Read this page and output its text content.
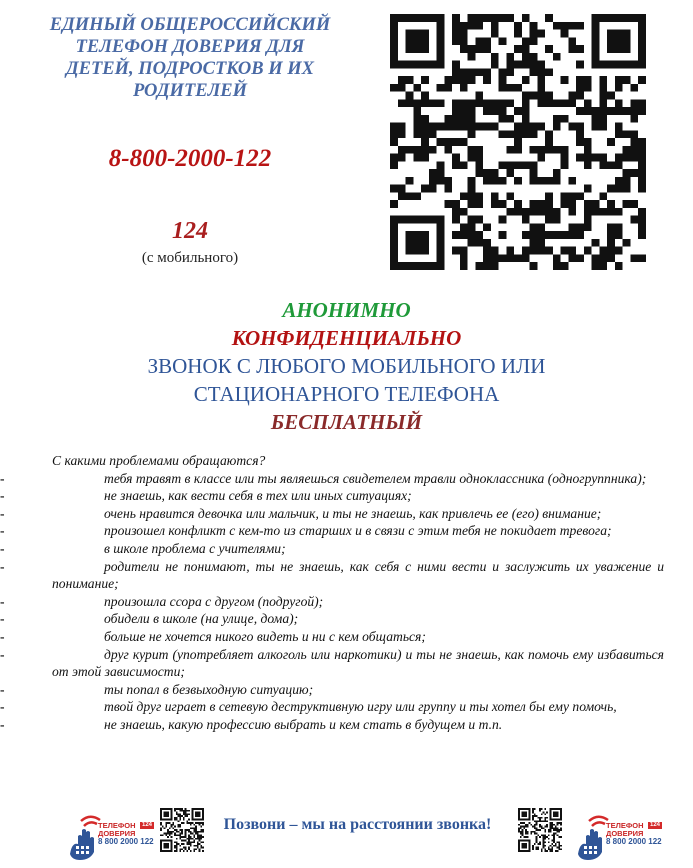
ЕДИНЫЙ ОБЩЕРОССИЙСКИЙ
ТЕЛЕФОН ДОВЕРИЯ ДЛЯ
ДЕТЕЙ, ПОДРОСТКОВ И ИХ
РОДИТЕЛЕЙ
8-800-2000-122
124
(с мобильного)
АНОНИМНО
КОНФИДЕНЦИАЛЬНО
ЗВОНОК С ЛЮБОГО МОБИЛЬНОГО ИЛИ
СТАЦИОНАРНОГО ТЕЛЕФОНА
БЕСПЛАТНЫЙ

С какими проблемами обращаются?

-	тебя травят в классе или ты являешься свидетелем травли одноклассника (одногруппника);
-	не знаешь, как вести себя в тех или иных ситуациях;
-	очень нравится девочка или мальчик, и ты не знаешь, как привлечь ее (его) внимание;
-	произошел конфликт с кем-то из старших и в связи с этим тебя не покидает тревога;
-	в школе проблема с учителями;
-	родители не понимают, ты не знаешь, как себя с ними вести и заслужить их уважение и понимание;
-	произошла ссора с другом (подругой);
-	обидели в школе (на улице, дома);
-	больше не хочется никого видеть и ни с кем общаться;
-	друг курит (употребляет алкоголь или наркотики) и ты не знаешь, как помочь ему избавиться от этой зависимости;
-	ты попал в безвыходную ситуацию;
-	твой друг играет в сетевую деструктивную игру или группу и ты хотел бы ему помочь,
-	не знаешь, какую профессию выбрать и кем стать в будущем и т.п.
124
ТЕЛЕФОН
ДОВЕРИЯ
8 800 2000 122
Позвони – мы на расстоянии звонка!	124
ТЕЛЕФОН
ДОВЕРИЯ
8 800 2000 122
